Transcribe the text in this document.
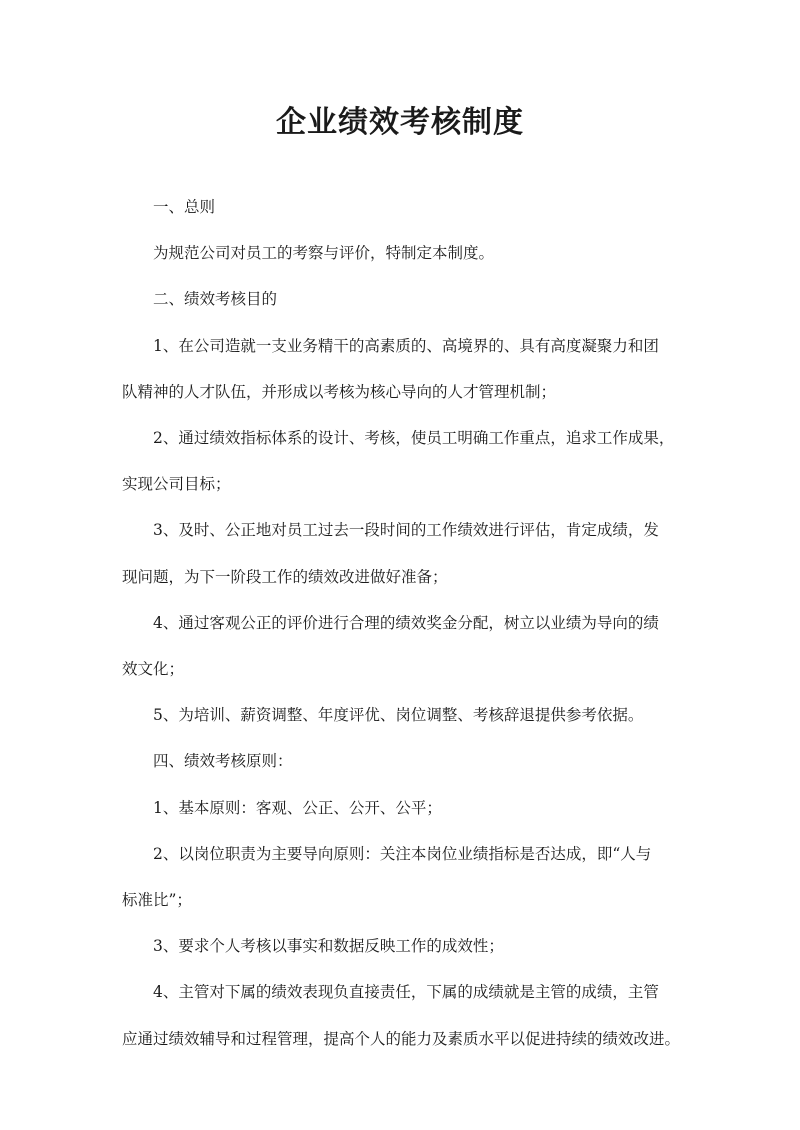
企业绩效考核制度

一、总则

为规范公司对员工的考察与评价，特制定本制度。

二、绩效考核目的

1、在公司造就一支业务精干的高素质的、高境界的、具有高度凝聚力和团

队精神的人才队伍，并形成以考核为核心导向的人才管理机制；

2、通过绩效指标体系的设计、考核，使员工明确工作重点，追求工作成果，

实现公司目标；

3、及时、公正地对员工过去一段时间的工作绩效进行评估，肯定成绩，发

现问题，为下一阶段工作的绩效改进做好准备；

4、通过客观公正的评价进行合理的绩效奖金分配，树立以业绩为导向的绩

效文化；

5、为培训、薪资调整、年度评优、岗位调整、考核辞退提供参考依据。

四、绩效考核原则：

1、基本原则：客观、公正、公开、公平；

2、以岗位职责为主要导向原则：关注本岗位业绩指标是否达成，即“人与

标准比”；

3、要求个人考核以事实和数据反映工作的成效性；

4、主管对下属的绩效表现负直接责任，下属的成绩就是主管的成绩，主管

应通过绩效辅导和过程管理，提高个人的能力及素质水平以促进持续的绩效改进。
